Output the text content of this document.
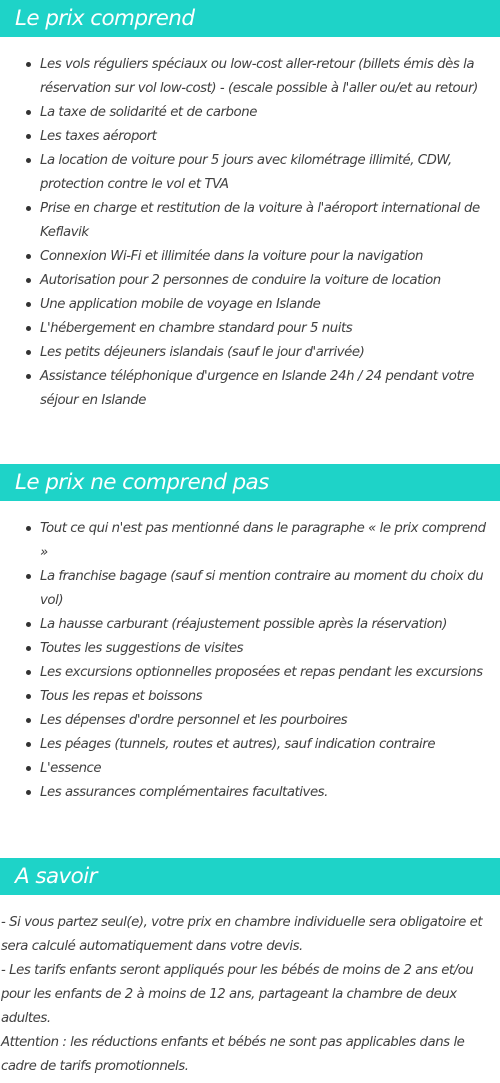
Le prix comprend
Les vols réguliers spéciaux ou low-cost aller-retour (billets émis dès la réservation sur vol low-cost) - (escale possible à l'aller ou/et au retour)
La taxe de solidarité et de carbone
Les taxes aéroport
La location de voiture pour 5 jours avec kilométrage illimité, CDW, protection contre le vol et TVA
Prise en charge et restitution de la voiture à l'aéroport international de Keflavik
Connexion Wi-Fi et illimitée dans la voiture pour la navigation
Autorisation pour 2 personnes de conduire la voiture de location
Une application mobile de voyage en Islande
L'hébergement en chambre standard pour 5 nuits
Les petits déjeuners islandais (sauf le jour d'arrivée)
Assistance téléphonique d'urgence en Islande 24h / 24 pendant votre séjour en Islande
Le prix ne comprend pas
Tout ce qui n'est pas mentionné dans le paragraphe « le prix comprend »
La franchise bagage (sauf si mention contraire au moment du choix du vol)
La hausse carburant (réajustement possible après la réservation)
Toutes les suggestions de visites
Les excursions optionnelles proposées et repas pendant les excursions
Tous les repas et boissons
Les dépenses d'ordre personnel et les pourboires
Les péages (tunnels, routes et autres), sauf indication contraire
L'essence
Les assurances complémentaires facultatives.
A savoir

- Si vous partez seul(e), votre prix en chambre individuelle sera obligatoire et sera calculé automatiquement dans votre devis.

- Les tarifs enfants seront appliqués pour les bébés de moins de 2 ans et/ou pour les enfants de 2 à moins de 12 ans, partageant la chambre de deux adultes.

Attention : les réductions enfants et bébés ne sont pas applicables dans le cadre de tarifs promotionnels.
